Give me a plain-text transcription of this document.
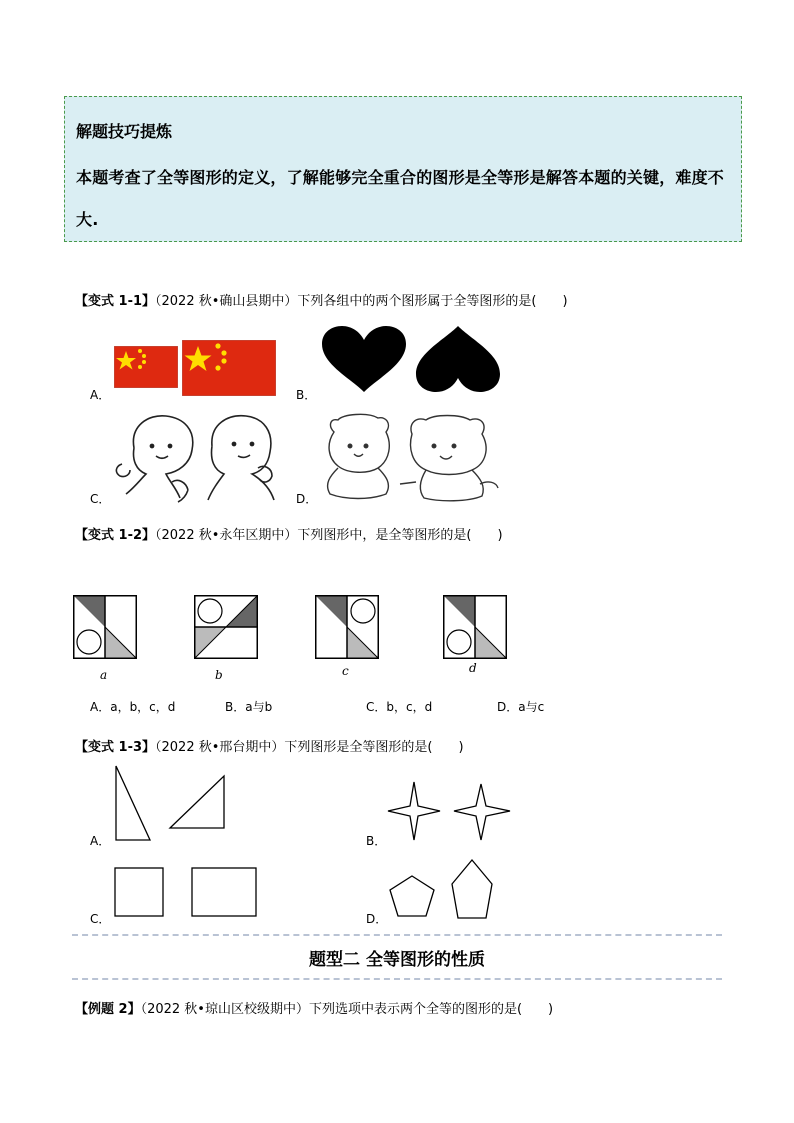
解题技巧提炼
本题考查了全等图形的定义，了解能够完全重合的图形是全等形是解答本题的关键，难度不大.
【变式 1-1】（2022 秋•确山县期中）下列各组中的两个图形属于全等图形的是(　　)
A．	B．
C．	D．
【变式 1-2】（2022 秋•永年区期中）下列图形中，是全等图形的是(　　)
a	b	c	d
A．a，b，c，d	B．a与b	C．b，c，d	D．a与c
【变式 1-3】（2022 秋•邢台期中）下列图形是全等图形的是(　　)
A．	B．
C．	D．
题型二 全等图形的性质
【例题 2】（2022 秋•琼山区校级期中）下列选项中表示两个全等的图形的是(　　)
